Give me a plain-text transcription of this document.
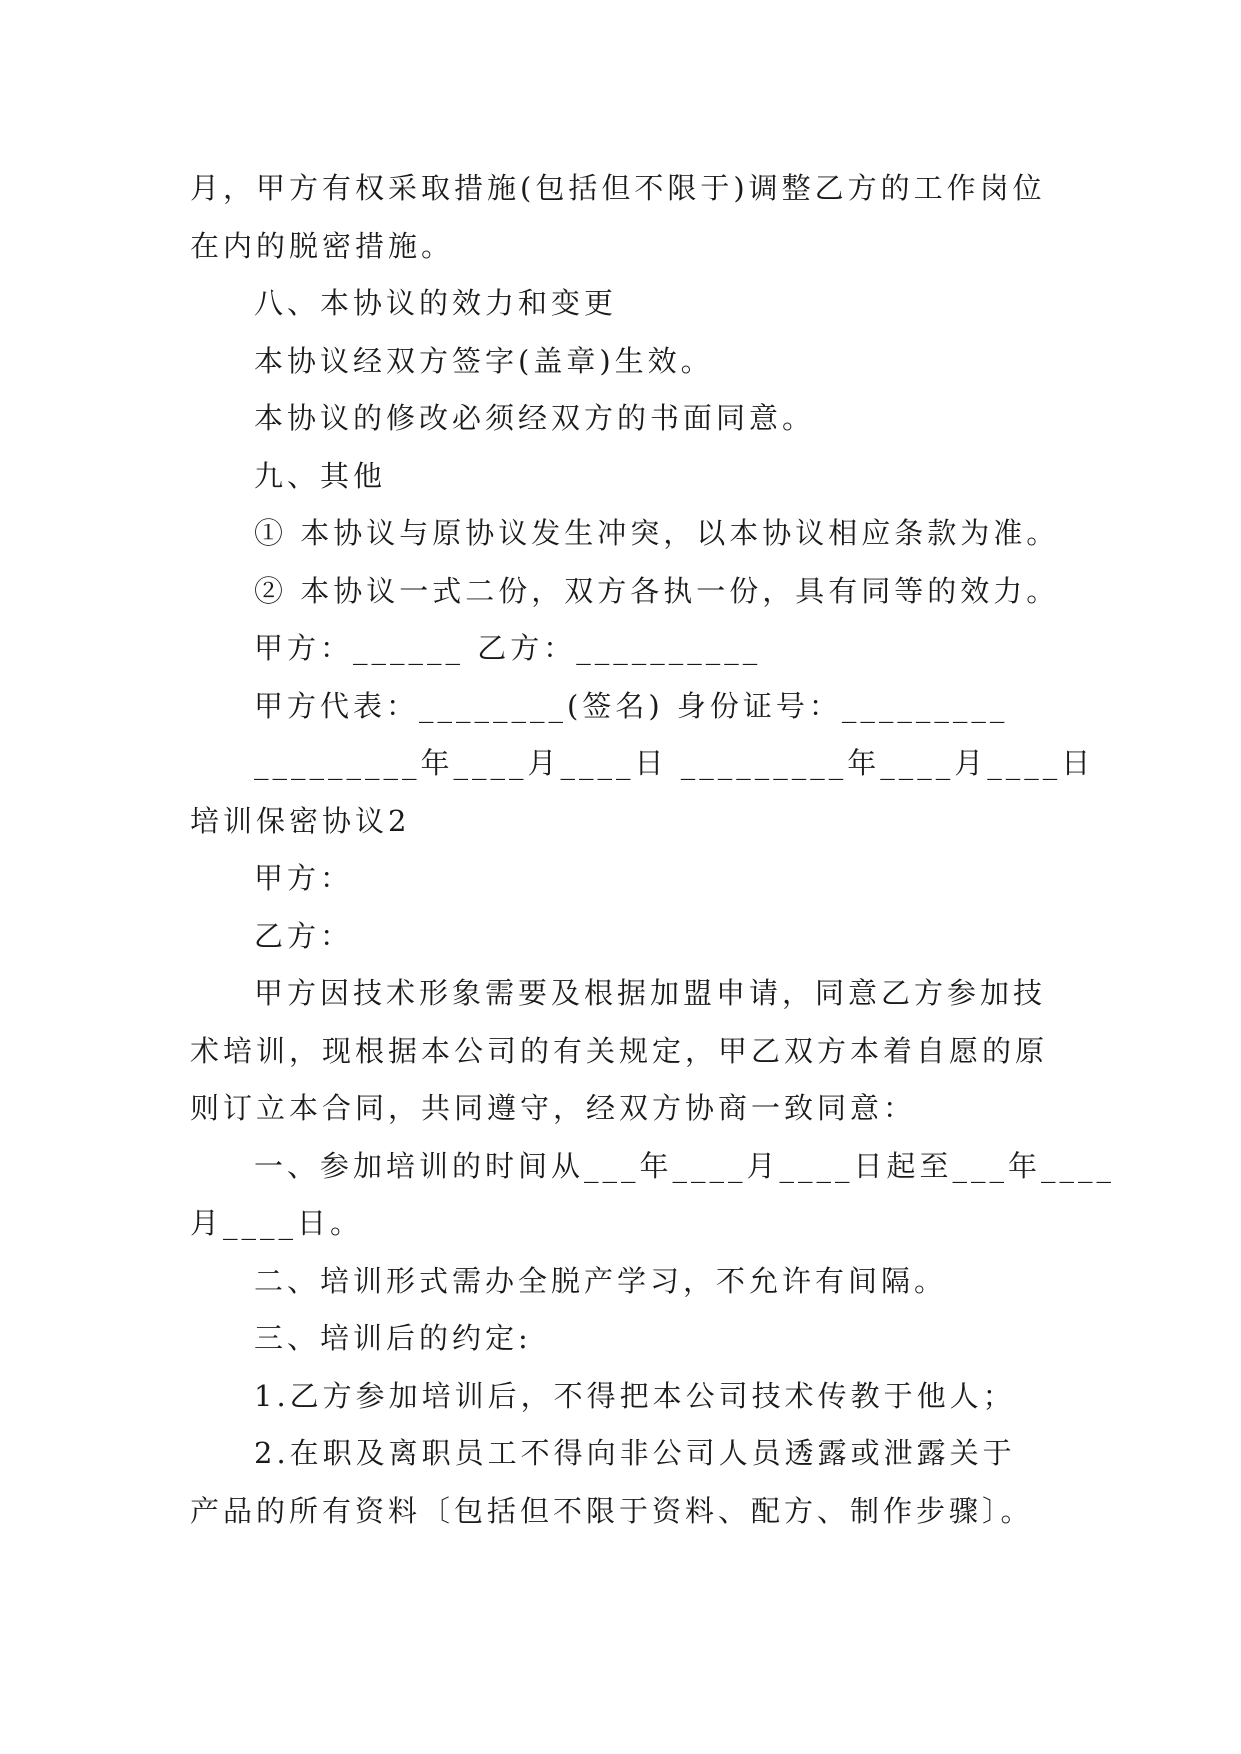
月，甲方有权采取措施(包括但不限于)调整乙方的工作岗位
在内的脱密措施。
八、本协议的效力和变更
本协议经双方签字(盖章)生效。
本协议的修改必须经双方的书面同意。
九、其他
① 本协议与原协议发生冲突，以本协议相应条款为准。
② 本协议一式二份，双方各执一份，具有同等的效力。
甲方：______ 乙方：__________
甲方代表：________(签名) 身份证号：_________
_________年____月____日 _________年____月____日
培训保密协议2
甲方：
乙方：
甲方因技术形象需要及根据加盟申请，同意乙方参加技
术培训，现根据本公司的有关规定，甲乙双方本着自愿的原
则订立本合同，共同遵守，经双方协商一致同意：
一、参加培训的时间从___年____月____日起至___年____
月____日。
二、培训形式需办全脱产学习，不允许有间隔。
三、培训后的约定:
1.乙方参加培训后，不得把本公司技术传教于他人；
2.在职及离职员工不得向非公司人员透露或泄露关于
产品的所有资料〔包括但不限于资料、配方、制作步骤〕。
